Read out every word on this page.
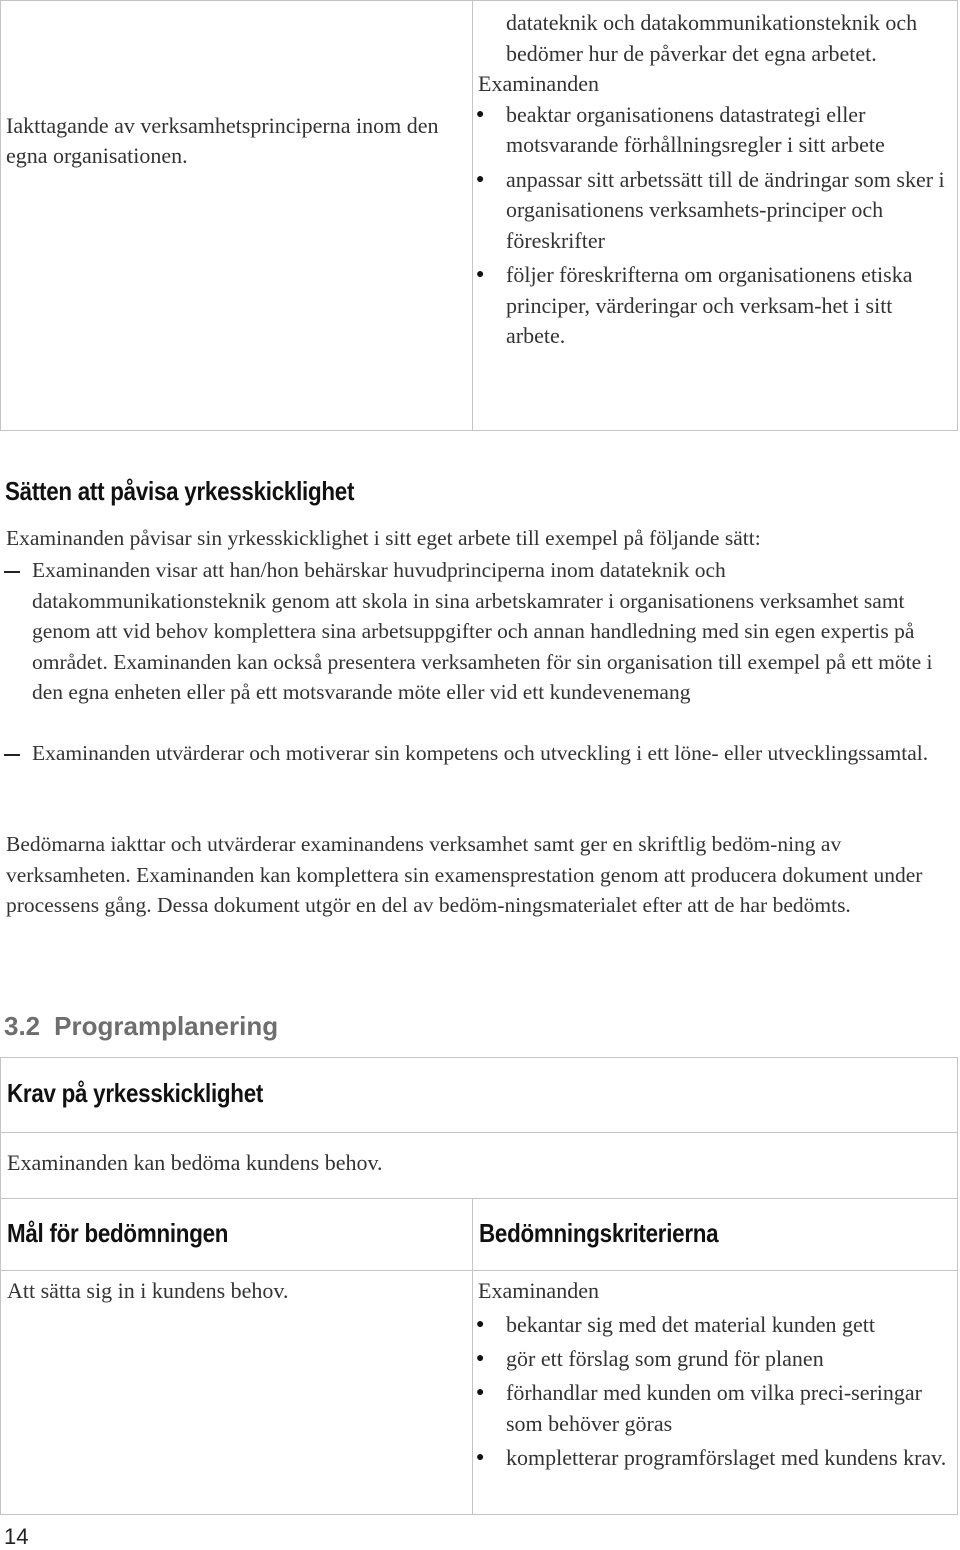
Iakttagande av verksamhetsprinciperna inom den egna organisationen.
datateknik och datakommunikationsteknik och bedömer hur de påverkar det egna arbetet.
Examinanden
● beaktar organisationens datastrategi eller motsvarande förhållningsregler i sitt arbete
● anpassar sitt arbetssätt till de ändringar som sker i organisationens verksamhets-principer och föreskrifter
● följer föreskrifterna om organisationens etiska principer, värderingar och verksam-het i sitt arbete.
Sätten att påvisa yrkesskicklighet
Examinanden påvisar sin yrkesskicklighet i sitt eget arbete till exempel på följande sätt:
Examinanden visar att han/hon behärskar huvudprinciperna inom datateknik och datakommunikationsteknik genom att skola in sina arbetskamrater i organisationens verksamhet samt genom att vid behov komplettera sina arbetsuppgifter och annan handledning med sin egen expertis på området. Examinanden kan också presentera verksamheten för sin organisation till exempel på ett möte i den egna enheten eller på ett motsvarande möte eller vid ett kundevenemang
Examinanden utvärderar och motiverar sin kompetens och utveckling i ett löne- eller utvecklingssamtal.
Bedömarna iakttar och utvärderar examinandens verksamhet samt ger en skriftlig bedöm-ning av verksamheten. Examinanden kan komplettera sin examensprestation genom att producera dokument under processens gång. Dessa dokument utgör en del av bedöm-ningsmaterialet efter att de har bedömts.
3.2 Programplanering
Krav på yrkesskicklighet
Examinanden kan bedöma kundens behov.
Mål för bedömningen	Bedömningskriterierna
Att sätta sig in i kundens behov.	Examinanden
● bekantar sig med det material kunden gett
● gör ett förslag som grund för planen
● förhandlar med kunden om vilka preci-seringar som behöver göras
● kompletterar programförslaget med kundens krav.
14
